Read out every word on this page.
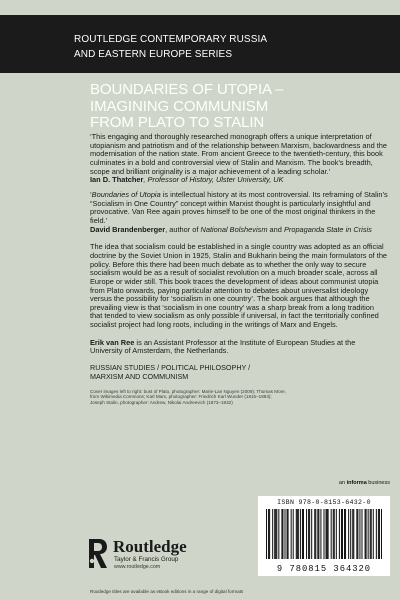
ROUTLEDGE CONTEMPORARY RUSSIA
AND EASTERN EUROPE SERIES
BOUNDARIES OF UTOPIA –
IMAGINING COMMUNISM
FROM PLATO TO STALIN

‘This engaging and thoroughly researched monograph offers a unique interpretation of utopianism and patriotism and of the relationship between Marxism, backwardness and the modernisation of the nation state. From ancient Greece to the twentieth-century, this book culminates in a bold and controversial view of Stalin and Marxism. The book’s breadth, scope and brilliant originality is a major achievement of a leading scholar.’

Ian D. Thatcher, Professor of History, Ulster University, UK

‘Boundaries of Utopia is intellectual history at its most controversial. Its reframing of Stalin’s “Socialism in One Country” concept within Marxist thought is particularly insightful and provocative. Van Ree again proves himself to be one of the most original thinkers in the field.’

David Brandenberger, author of National Bolshevism and Propaganda State in Crisis

The idea that socialism could be established in a single country was adopted as an official doctrine by the Soviet Union in 1925, Stalin and Bukharin being the main formulators of the policy. Before this there had been much debate as to whether the only way to secure socialism would be as a result of socialist revolution on a much broader scale, across all Europe or wider still. This book traces the development of ideas about communist utopia from Plato onwards, paying particular attention to debates about universalist ideology versus the possibility for ‘socialism in one country’. The book argues that although the prevailing view is that ‘socialism in one country’ was a sharp break from a long tradition that tended to view socialism as only possible if universal, in fact the territorially confined socialist project had long roots, including in the writings of Marx and Engels.

Erik van Ree is an Assistant Professor at the Institute of European Studies at the University of Amsterdam, the Netherlands.

RUSSIAN STUDIES / POLITICAL PHILOSOPHY /
MARXISM AND COMMUNISM
Cover images left to right: bust of Plato, photographer: Marie-Lan Nguyen (2009); Thomas More,
from Wikimedia Commons; Karl Marx, photographer: Friedrich Karl Wunder (1815–1893);
Joseph Stalin, photographer: Andrew, Nikolai Andreevich (1873–1932)
an informa business
ISBN 978-0-8153-6432-0
9 780815 364320
Routledge
Taylor & Francis Group
www.routledge.com
Routledge titles are available as eBook editions in a range of digital formats
